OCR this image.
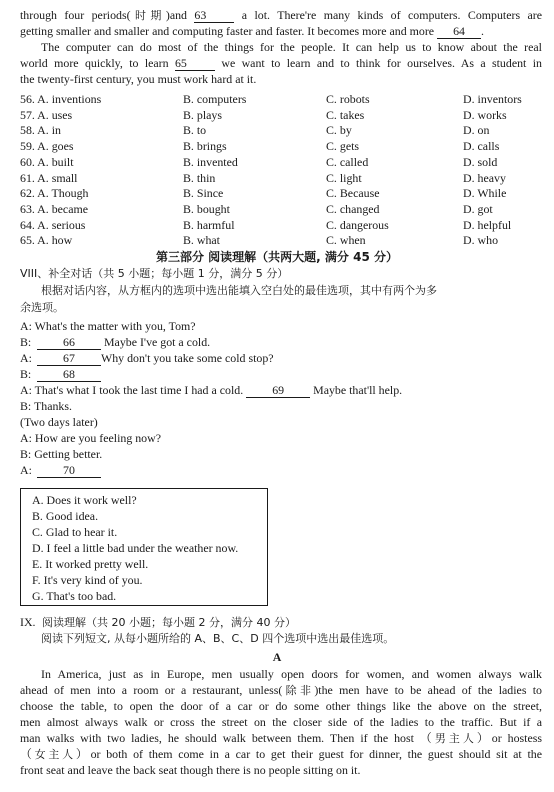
through four periods(时期)and 63 a lot. There're many kinds of computers. Computers are
getting smaller and smaller and computing faster and faster. It becomes more and more 64 .
The computer can do most of the things for the people. It can help us to know about the real
world more quickly, to learn 65 we want to learn and to think for ourselves. As a student in
the twenty-first century, you must work hard at it.
56. A. inventions	B. computers	C. robots	D. inventors
57. A. uses	B. plays	C. takes	D. works
58. A. in	B. to	C. by	D. on
59. A. goes	B. brings	C. gets	D. calls
60. A. built	B. invented	C. called	D. sold
61. A. small	B. thin	C. light	D. heavy
62. A. Though	B. Since	C. Because	D. While
63. A. became	B. bought	C. changed	D. got
64. A. serious	B. harmful	C. dangerous	D. helpful
65. A. how	B. what	C. when	D. who
第三部分 阅读理解（共两大题, 满分 45 分）
VIII、补全对话（共 5 小题；每小题 1 分，满分 5 分）
根据对话内容，从方框内的选项中选出能填入空白处的最佳选项，其中有两个为多
余选项。
A: What's the matter with you, Tom?
B:	66 Maybe I've got a cold.
A:	67 Why don't you take some cold stop?
B:	68
A: That's what I took the last time I had a cold. 69 Maybe that'll help.
B: Thanks.
(Two days later)
A: How are you feeling now?
B: Getting better.
A:	70
A. Does it work well?
B. Good idea.
C. Glad to hear it.
D. I feel a little bad under the weather now.
E. It worked pretty well.
F. It's very kind of you.
G. That's too bad.
IX. 阅读理解（共 20 小题；每小题 2 分，满分 40 分）
阅读下列短文, 从每小题所给的 A、B、C、D 四个选项中选出最佳选项。
A
In America, just as in Europe, men usually open doors for women, and women always walk
ahead of men into a room or a restaurant, unless(除非)the men have to be ahead of the ladies to
choose the table, to open the door of a car or do some other things like the above on the street,
men almost always walk or cross the street on the closer side of the ladies to the traffic. But if a
man walks with two ladies, he should walk between them. Then if the host （男主人）or hostess
（女主人）or both of them come in a car to get their guest for dinner, the guest should sit at the
front seat and leave the back seat though there is no people sitting on it.
